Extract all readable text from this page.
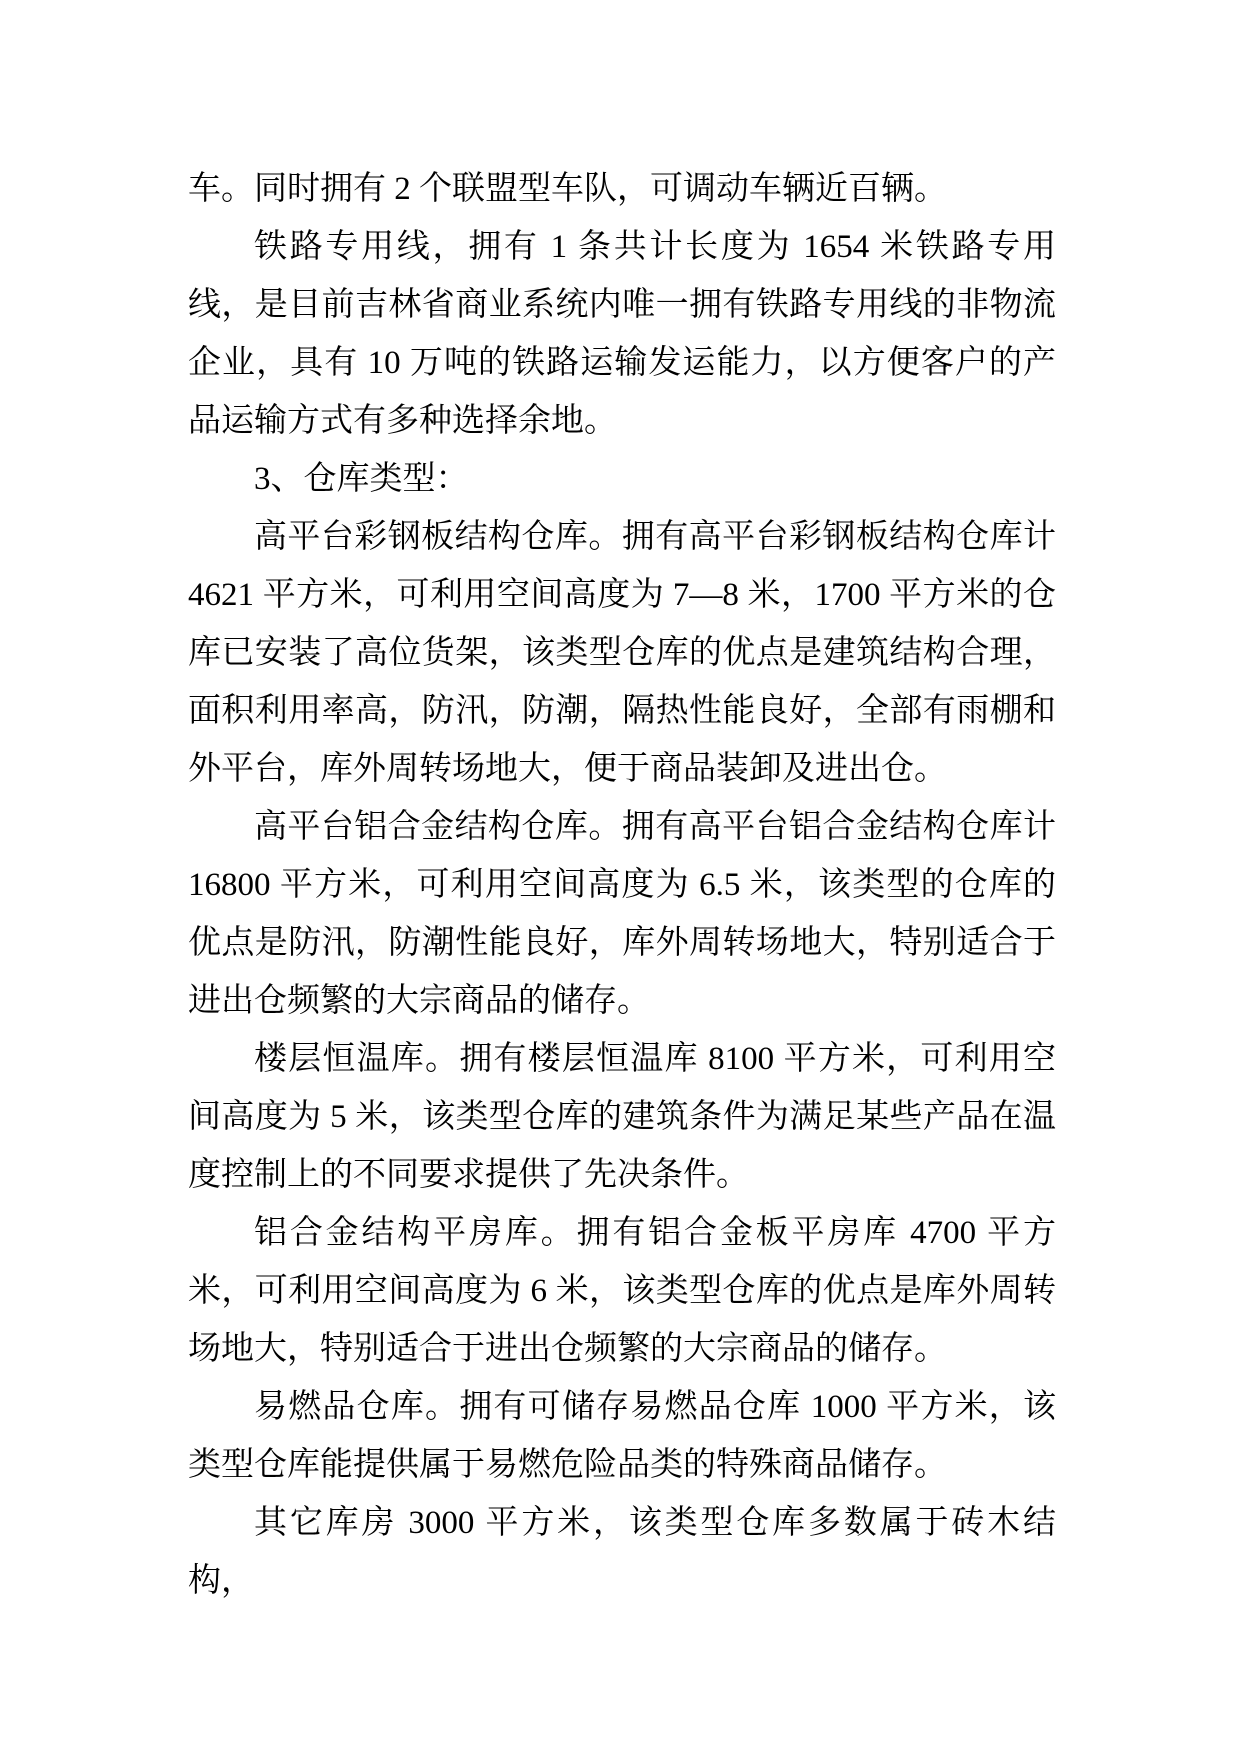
车。同时拥有 2 个联盟型车队，可调动车辆近百辆。

铁路专用线，拥有 1 条共计长度为 1654 米铁路专用线，是目前吉林省商业系统内唯一拥有铁路专用线的非物流企业，具有 10 万吨的铁路运输发运能力，以方便客户的产品运输方式有多种选择余地。

3、仓库类型：

高平台彩钢板结构仓库。拥有高平台彩钢板结构仓库计 4621 平方米，可利用空间高度为 7—8 米，1700 平方米的仓库已安装了高位货架，该类型仓库的优点是建筑结构合理，面积利用率高，防汛，防潮，隔热性能良好，全部有雨棚和外平台，库外周转场地大，便于商品装卸及进出仓。

高平台铝合金结构仓库。拥有高平台铝合金结构仓库计 16800 平方米，可利用空间高度为 6.5 米，该类型的仓库的优点是防汛，防潮性能良好，库外周转场地大，特别适合于进出仓频繁的大宗商品的储存。

楼层恒温库。拥有楼层恒温库 8100 平方米，可利用空间高度为 5 米，该类型仓库的建筑条件为满足某些产品在温度控制上的不同要求提供了先决条件。

铝合金结构平房库。拥有铝合金板平房库 4700 平方米，可利用空间高度为 6 米，该类型仓库的优点是库外周转场地大，特别适合于进出仓频繁的大宗商品的储存。

易燃品仓库。拥有可储存易燃品仓库 1000 平方米，该类型仓库能提供属于易燃危险品类的特殊商品储存。

其它库房 3000 平方米，该类型仓库多数属于砖木结构，
